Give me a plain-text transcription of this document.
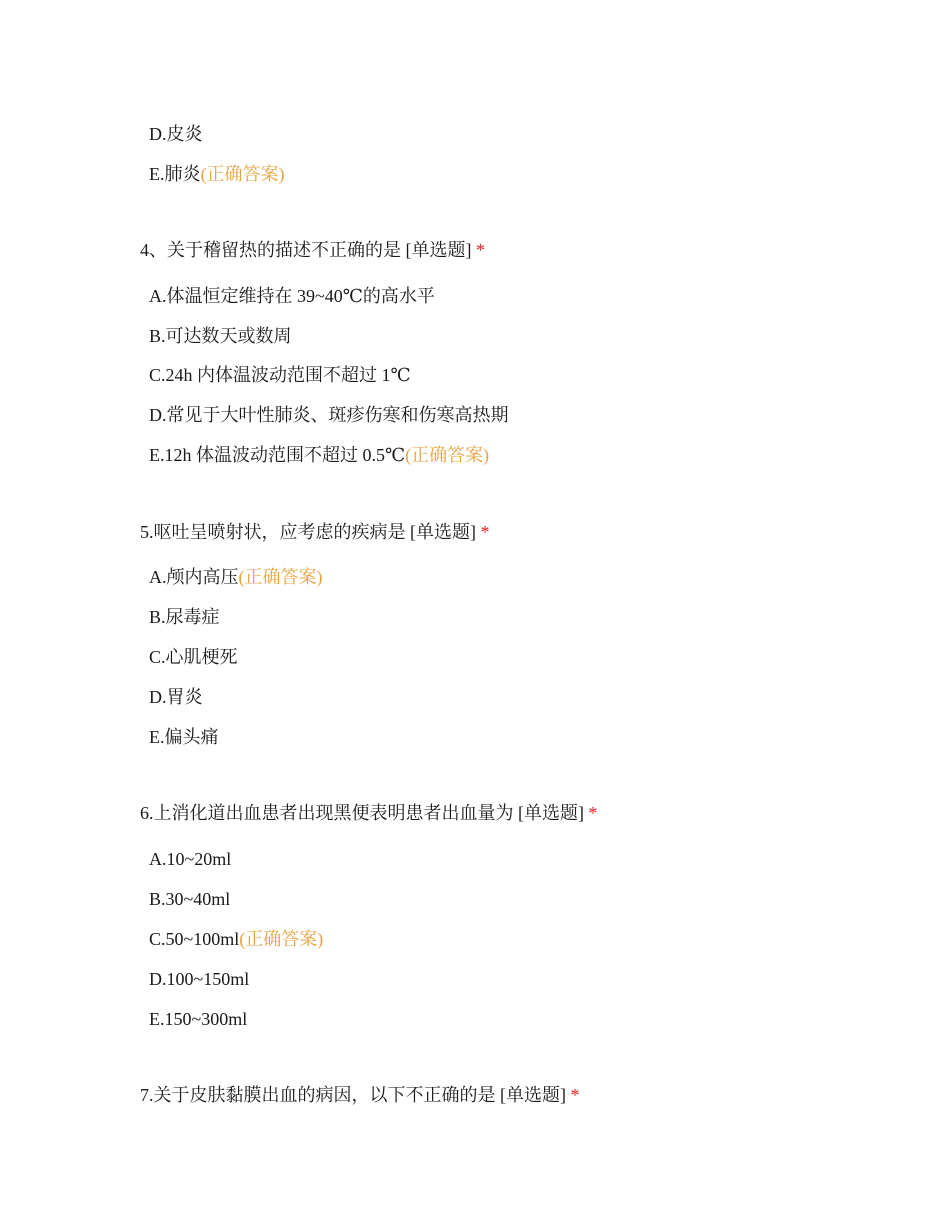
D.皮炎
E.肺炎(正确答案)
4、关于稽留热的描述不正确的是 [单选题] *
A.体温恒定维持在 39~40℃的高水平
B.可达数天或数周
C.24h 内体温波动范围不超过 1℃
D.常见于大叶性肺炎、斑疹伤寒和伤寒高热期
E.12h 体温波动范围不超过 0.5℃(正确答案)
5.呕吐呈喷射状，应考虑的疾病是 [单选题] *
A.颅内高压(正确答案)
B.尿毒症
C.心肌梗死
D.胃炎
E.偏头痛
6.上消化道出血患者出现黑便表明患者出血量为 [单选题] *
A.10~20ml
B.30~40ml
C.50~100ml(正确答案)
D.100~150ml
E.150~300ml
7.关于皮肤黏膜出血的病因，以下不正确的是 [单选题] *
